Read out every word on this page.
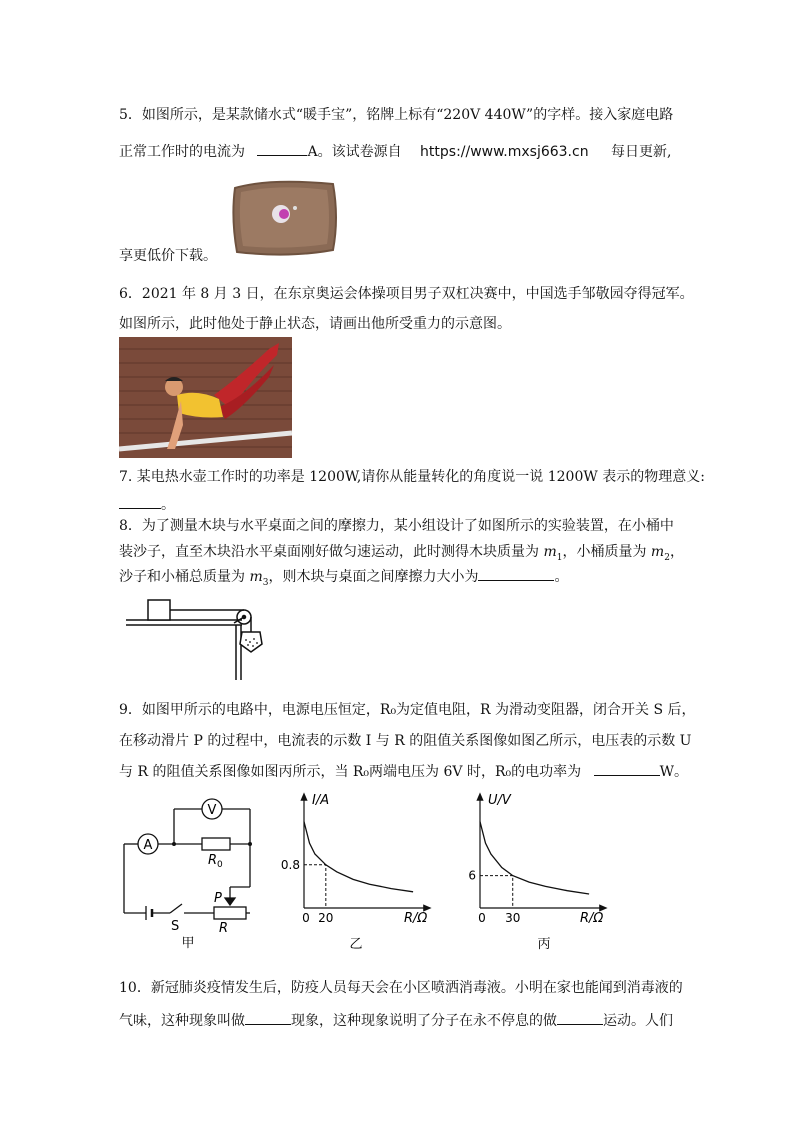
5．如图所示，是某款储水式“暖手宝”，铭牌上标有“220V 440W”的字样。接入家庭电路
正常工作时的电流为	A。该试卷源自 https://www.mxsj663.cn 每日更新,
享更低价下载。
6．2021 年 8 月 3 日，在东京奥运会体操项目男子双杠决赛中，中国选手邹敬园夺得冠军。
如图所示，此时他处于静止状态，请画出他所受重力的示意图。
7. 某电热水壶工作时的功率是 1200W,请你从能量转化的角度说一说 1200W 表示的物理意义:
。
8．为了测量木块与水平桌面之间的摩擦力，某小组设计了如图所示的实验装置，在小桶中
装沙子，直至木块沿水平桌面刚好做匀速运动，此时测得木块质量为 $m_1$，小桶质量为 $m_2$，
沙子和小桶总质量为 $m_3$，则木块与桌面之间摩擦力大小为	。
9．如图甲所示的电路中，电源电压恒定，R₀为定值电阻，R 为滑动变阻器，闭合开关 S 后，
在移动滑片 P 的过程中，电流表的示数 I 与 R 的阻值关系图像如图乙所示，电压表的示数 U
与 R 的阻值关系图像如图丙所示，当 R₀两端电压为 6V 时，R₀的电功率为	W。
A
V
R 0
P
R
S
甲
I/A
R/Ω
0 20
0.8
乙
U/V
R/Ω
0 30
6
丙
10．新冠肺炎疫情发生后，防疫人员每天会在小区喷洒消毒液。小明在家也能闻到消毒液的
气味，这种现象叫做	现象，这种现象说明了分子在永不停息的做	运动。人们
